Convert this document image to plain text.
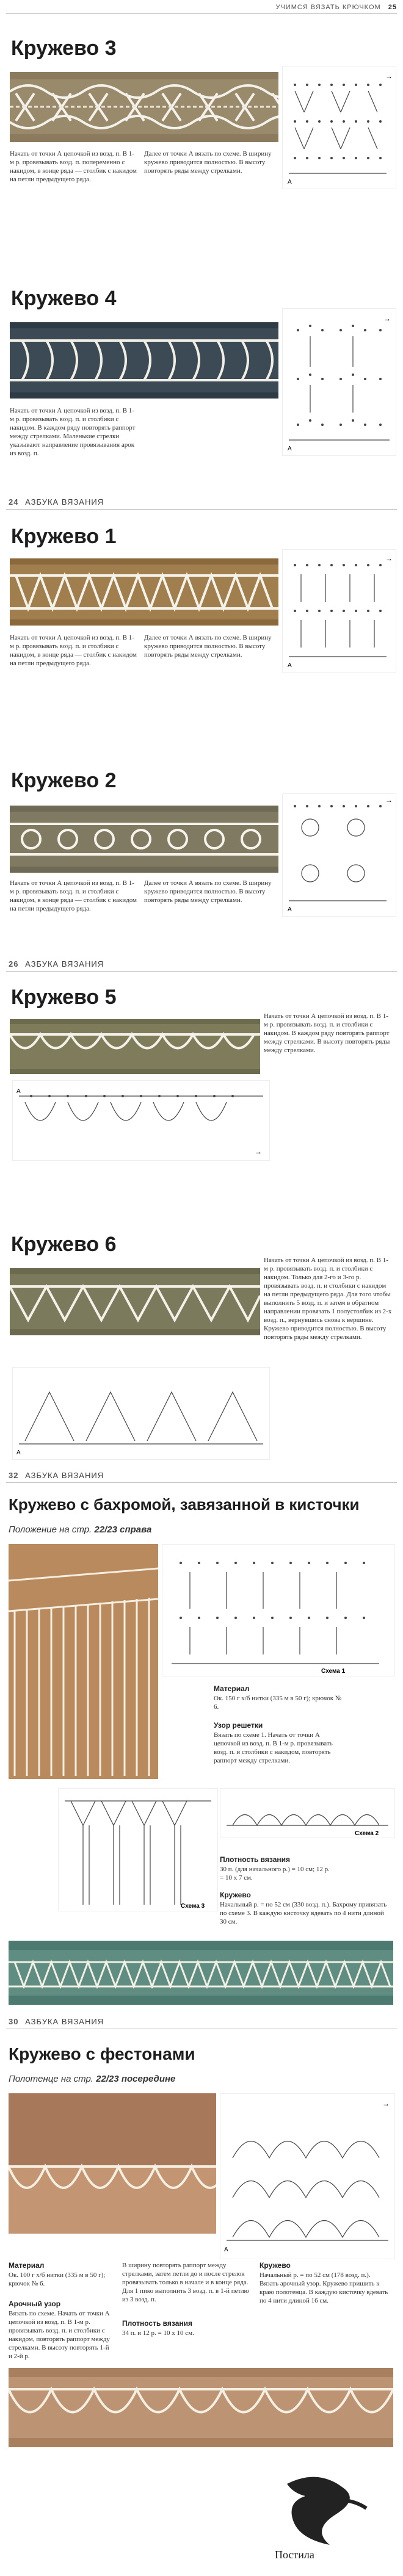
УЧИМСЯ ВЯЗАТЬ КРЮЧКОМ 25
Кружево 3
A
→
Начать от точки А цепочкой из возд. п. В 1-м р. провязывать возд. п. попеременно с накидом, в конце ряда — столбик с накидом на петли предыдущего ряда.
Далее от точки А вязать по схеме. В ширину кружево приводится полностью. В высоту повторять ряды между стрелками.
Кружево 4
A
→
Начать от точки А цепочкой из возд. п. В 1-м р. провязывать возд. п. и столбики с накидом. В каждом ряду повторять раппорт между стрелками. Маленькие стрелки указывают направление провязывания арок из возд. п.
24 АЗБУКА ВЯЗАНИЯ
Кружево 1
A
→
Начать от точки А цепочкой из возд. п. В 1-м р. провязывать возд. п. и столбики с накидом, в конце ряда — столбик с накидом на петли предыдущего ряда.
Далее от точки А вязать по схеме. В ширину кружево приводится полностью. В высоту повторять ряды между стрелками.
Кружево 2
A
→
Начать от точки А цепочкой из возд. п. В 1-м р. провязывать возд. п. и столбики с накидом, в конце ряда — столбик с накидом на петли предыдущего ряда.
Далее от точки А вязать по схеме. В ширину кружево приводится полностью. В высоту повторять ряды между стрелками.
26 АЗБУКА ВЯЗАНИЯ
Кружево 5
Начать от точки А цепочкой из возд. п. В 1-м р. провязывать возд. п. и столбики с накидом. В каждом ряду повторять раппорт между стрелками. В высоту повторять ряды между стрелками.
A
→
Кружево 6
Начать от точки А цепочкой из возд. п. В 1-м р. провязывать возд. п. и столбики с накидом. Только для 2-го и 3-го р. провязывать возд. п. и столбики с накидом на петли предыдущего ряда. Для того чтобы выполнить 5 возд. п. и затем в обратном направлении провязать 1 полустолбик из 2-х возд. п., вернувшись снова к вершине. Кружево приводится полностью. В высоту повторять ряды между стрелками.
A
32 АЗБУКА ВЯЗАНИЯ
Кружево с бахромой, завязанной в кисточки
Положение на стр. 22/23 справа
Схема 1
Материал
Ок. 150 г х/б нитки (335 м в 50 г); крючок № 6.
Узор решетки
Вязать по схеме 1. Начать от точки А цепочкой из возд. п. В 1-м р. провязывать возд. п. и столбики с накидом, повторять раппорт между стрелками.
Схема 3
Схема 2
Плотность вязания
30 п. (для начального р.) = 10 см; 12 р. = 10 х 7 см.
Кружево
Начальный р. = по 52 см (330 возд. п.). Бахрому привязать по схеме 3. В каждую кисточку вдевать по 4 нити длиной 30 см.
30 АЗБУКА ВЯЗАНИЯ
Кружево с фестонами
Полотенце на стр. 22/23 посередине
A
→
Материал
Ок. 100 г х/б нитки (335 м в 50 г); крючок № 6.
Арочный узор
Вязать по схеме. Начать от точки А цепочкой из возд. п. В 1-м р. провязывать возд. п. и столбики с накидом, повторять раппорт между стрелками. В высоту повторять 1-й и 2-й р.
В ширину повторять раппорт между стрелками, затем петли до и после стрелок провязывать только в начале и в конце ряда. Для 1 пико выполнить 3 возд. п. в 1-й петлю из 3 возд. п.
Плотность вязания
34 п. и 12 р. = 10 х 10 см.
Кружево
Начальный р. = по 52 см (178 возд. п.). Вязать арочный узор. Кружево пришить к краю полотенца. В каждую кисточку вдевать по 4 нити длиной 16 см.
Постила
